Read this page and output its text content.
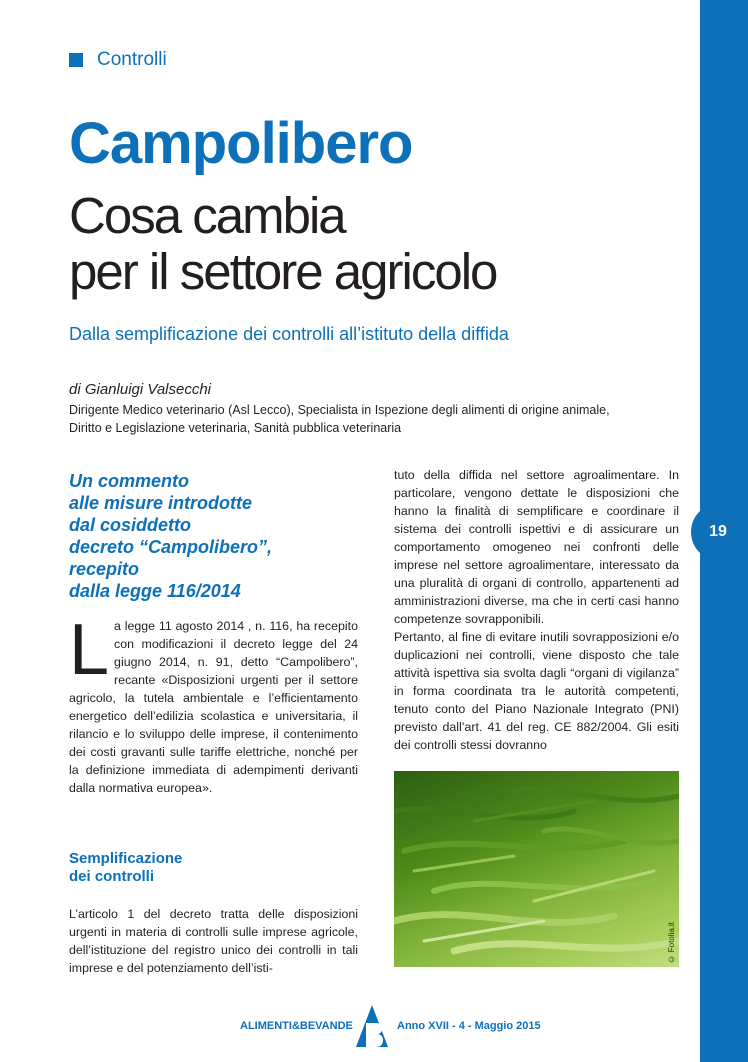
19
Controlli
Campolibero
Cosa cambia
per il settore agricolo
Dalla semplificazione dei controlli all’istituto della diffida
di Gianluigi Valsecchi
Dirigente Medico veterinario (Asl Lecco), Specialista in Ispezione degli alimenti di origine animale,
Diritto e Legislazione veterinaria, Sanità pubblica veterinaria
Un commento
alle misure introdotte
dal cosiddetto
decreto “Campolibero”,
recepito
dalla legge 116/2014
L a legge 11 agosto 2014 , n. 116, ha recepito con modificazioni il decreto legge del 24 giugno 2014, n. 91, detto “Campolibero”, recante «Disposizioni urgenti per il settore agricolo, la tutela ambientale e l’efficientamento energetico dell’edilizia scolastica e universitaria, il rilancio e lo sviluppo delle imprese, il contenimento dei costi gravanti sulle tariffe elettriche, nonché per la definizione immediata di adempimenti derivanti dalla normativa europea».

Semplificazione
dei controlli

L’articolo 1 del decreto tratta delle disposizioni urgenti in materia di controlli sulle imprese agricole, dell’istituzione del registro unico dei controlli in tali imprese e del potenziamento dell’isti-

tuto della diffida nel settore agroalimentare. In particolare, vengono dettate le disposizioni che hanno la finalità di semplificare e coordinare il sistema dei controlli ispettivi e di assicurare un comportamento omogeneo nei confronti delle imprese nel settore agroalimentare, interessato da una pluralità di organi di controllo, appartenenti ad amministrazioni diverse, ma che in certi casi hanno competenze sovrapponibili.

Pertanto, al fine di evitare inutili sovrapposizioni e/o duplicazioni nei controlli, viene disposto che tale attività ispettiva sia svolta dagli “organi di vigilanza” in forma coordinata tra le autorità competenti, tenuto conto del Piano Nazionale Integrato (PNI) previsto dall’art. 41 del reg. CE 882/2004. Gli esiti dei controlli stessi dovranno

© Fotolia.it
ALIMENTI&BEVANDE	Anno XVII - 4 - Maggio 2015
